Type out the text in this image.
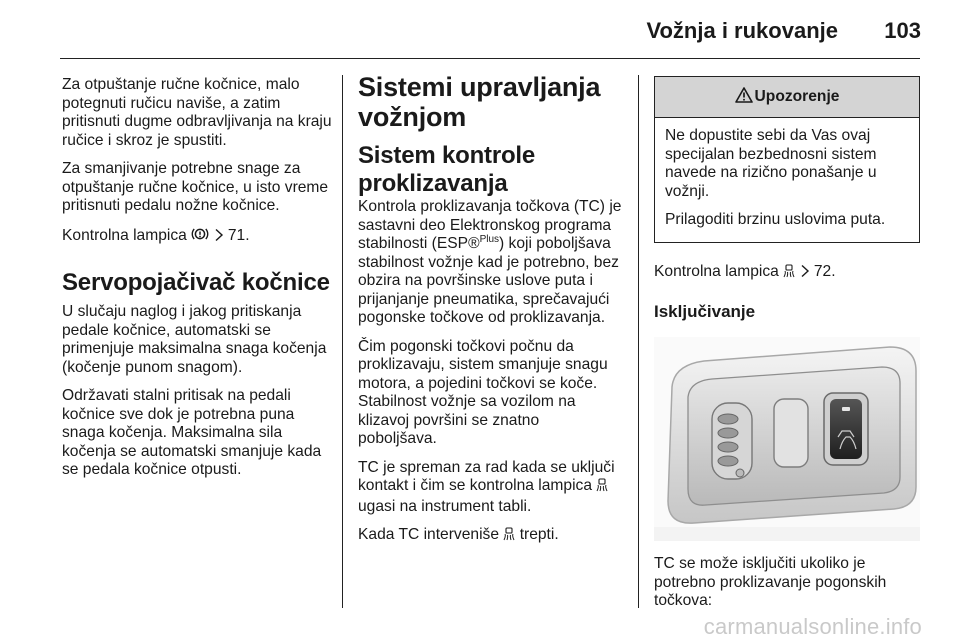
Vožnja i rukovanje 103

Za otpuštanje ručne kočnice, malo potegnuti ručicu naviše, a zatim pritisnuti dugme odbravljivanja na kraju ručice i skroz je spustiti.

Za smanjivanje potrebne snage za otpuštanje ručne kočnice, u isto vreme pritisnuti pedalu nožne kočnice.

Kontrolna lampica	71.

Servopojačivač kočnice

U slučaju naglog i jakog pritiskanja pedale kočnice, automatski se primenjuje maksimalna snaga kočenja (kočenje punom snagom).

Održavati stalni pritisak na pedali kočnice sve dok je potrebna puna snaga kočenja. Maksimalna sila kočenja se automatski smanjuje kada se pedala kočnice otpusti.

Sistemi upravljanja vožnjom
Sistem kontrole proklizavanja

Kontrola proklizavanja točkova (TC) je sastavni deo Elektronskog programa stabilnosti (ESP®$^{Plus}$) koji poboljšava stabilnost vožnje kad je potrebno, bez obzira na površinske uslove puta i prijanjanje pneumatika, sprečavajući pogonske točkove od proklizavanja.

Čim pogonski točkovi počnu da proklizavaju, sistem smanjuje snagu motora, a pojedini točkovi se koče. Stabilnost vožnje sa vozilom na klizavoj površini se znatno poboljšava.

TC je spreman za rad kada se uključi kontakt i čim se kontrolna lampica  ugasi na instrument tabli.

Kada TC interveniše trepti.

Upozorenje

Ne dopustite sebi da Vas ovaj specijalan bezbednosni sistem navede na rizično ponašanje u vožnji.

Prilagoditi brzinu uslovima puta.

Kontrolna lampica 72.

Isključivanje

TC se može isključiti ukoliko je potrebno proklizavanje pogonskih točkova:

carmanualsonline.info
